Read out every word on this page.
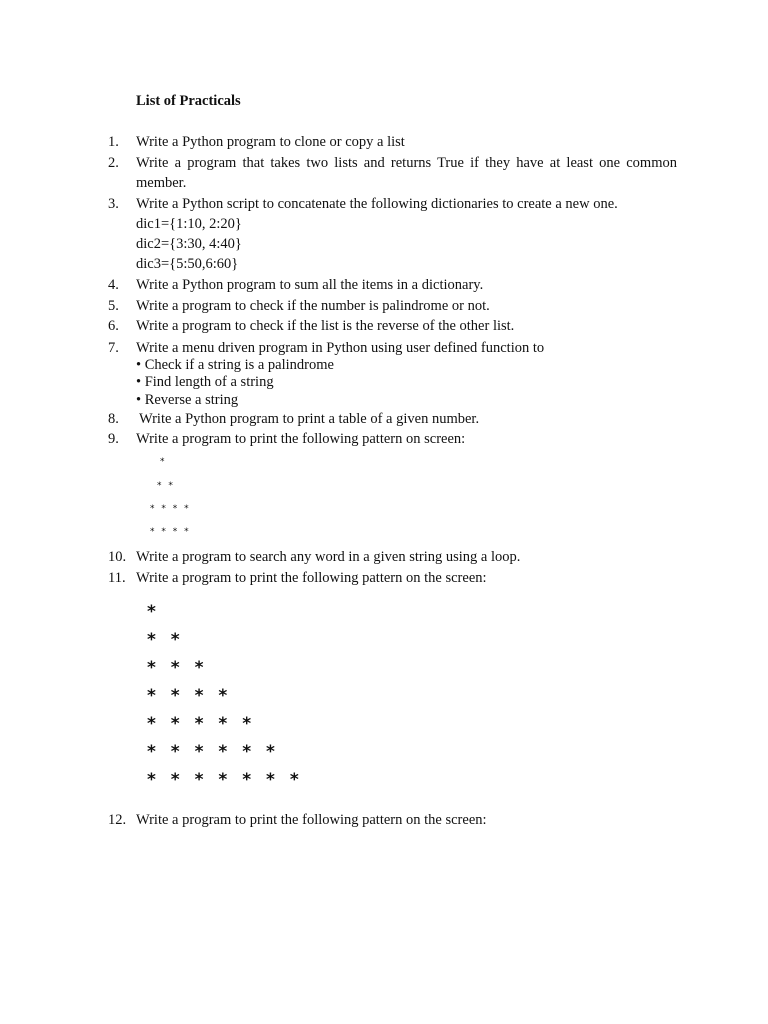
List of Practicals
1. Write a Python program to clone or copy a list
2. Write a program that takes two lists and returns True if they have at least one common
member.
3. Write a Python script to concatenate the following dictionaries to create a new one.
dic1={1:10, 2:20}
dic2={3:30, 4:40}
dic3={5:50,6:60}
4. Write a Python program to sum all the items in a dictionary.
5. Write a program to check if the number is palindrome or not.
6. Write a program to check if the list is the reverse of the other list.
7. Write a menu driven program in Python using user defined function to
• Check if a string is a palindrome
• Find length of a string
• Reverse a string
8. Write a Python program to print a table of a given number.
9. Write a program to print the following pattern on screen:
*
* *
* * * *
* * * *
10. Write a program to search any word in a given string using a loop.
11. Write a program to print the following pattern on the screen:
*
* *
* * *
* * * *
* * * * *
* * * * * *
* * * * * * *
12. Write a program to print the following pattern on the screen:
